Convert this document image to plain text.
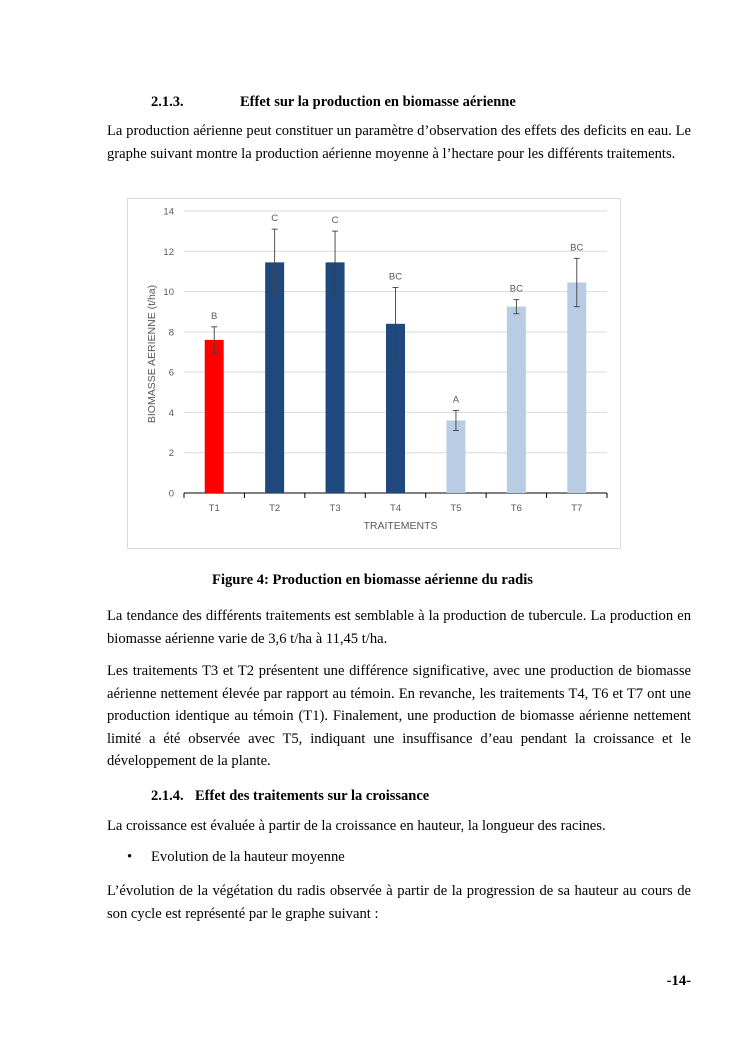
2.1.3.	Effet sur la production en biomasse aérienne

La production aérienne peut constituer un paramètre d’observation des effets des deficits en eau. Le graphe suivant montre la production aérienne moyenne à l’hectare pour les différents traitements.

0
2
4
6
8
10
12
14
B
T1
C
T2
C
T3
BC
T4
A
T5
BC
T6
BC
T7
TRAITEMENTS
BIOMASSE AERIENNE (t/ha)
Figure 4: Production en biomasse aérienne du radis

La tendance des différents traitements est semblable à la production de tubercule. La production en biomasse aérienne varie de 3,6 t/ha à 11,45 t/ha.

Les traitements T3 et T2 présentent une différence significative, avec une production de biomasse aérienne nettement élevée par rapport au témoin. En revanche, les traitements T4, T6 et T7 ont une production identique au témoin (T1). Finalement, une production de biomasse aérienne nettement limité a été observée avec T5, indiquant une insuffisance d’eau pendant la croissance et le développement de la plante.

2.1.4. Effet des traitements sur la croissance

La croissance est évaluée à partir de la croissance en hauteur, la longueur des racines.

• Evolution de la hauteur moyenne

L’évolution de la végétation du radis observée à partir de la progression de sa hauteur au cours de son cycle est représenté par le graphe suivant :

-14-
